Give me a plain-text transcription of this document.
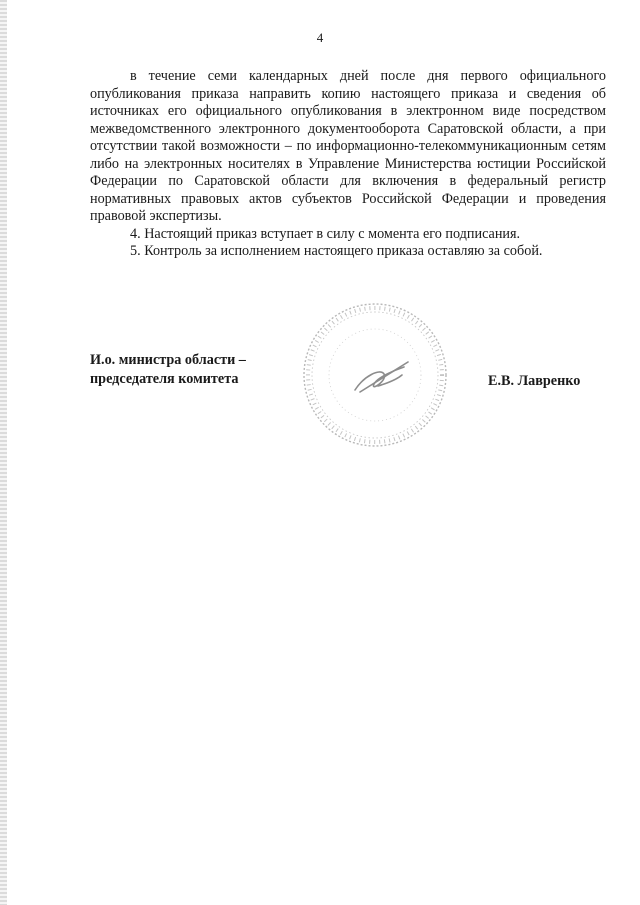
4

в течение семи календарных дней после дня первого официального опубликования приказа направить копию настоящего приказа и сведения об источниках его официального опубликования в электронном виде посредством межведомственного электронного документооборота Саратовской области, а при отсутствии такой возможности – по информационно-телекоммуникационным сетям либо на электронных носителях в Управление Министерства юстиции Российской Федерации по Саратовской области для включения в федеральный регистр нормативных правовых актов субъектов Российской Федерации и проведения правовой экспертизы.

4. Настоящий приказ вступает в силу с момента его подписания.

5. Контроль за исполнением настоящего приказа оставляю за собой.

И.о. министра области –
председателя комитета	Е.В. Лавренко
